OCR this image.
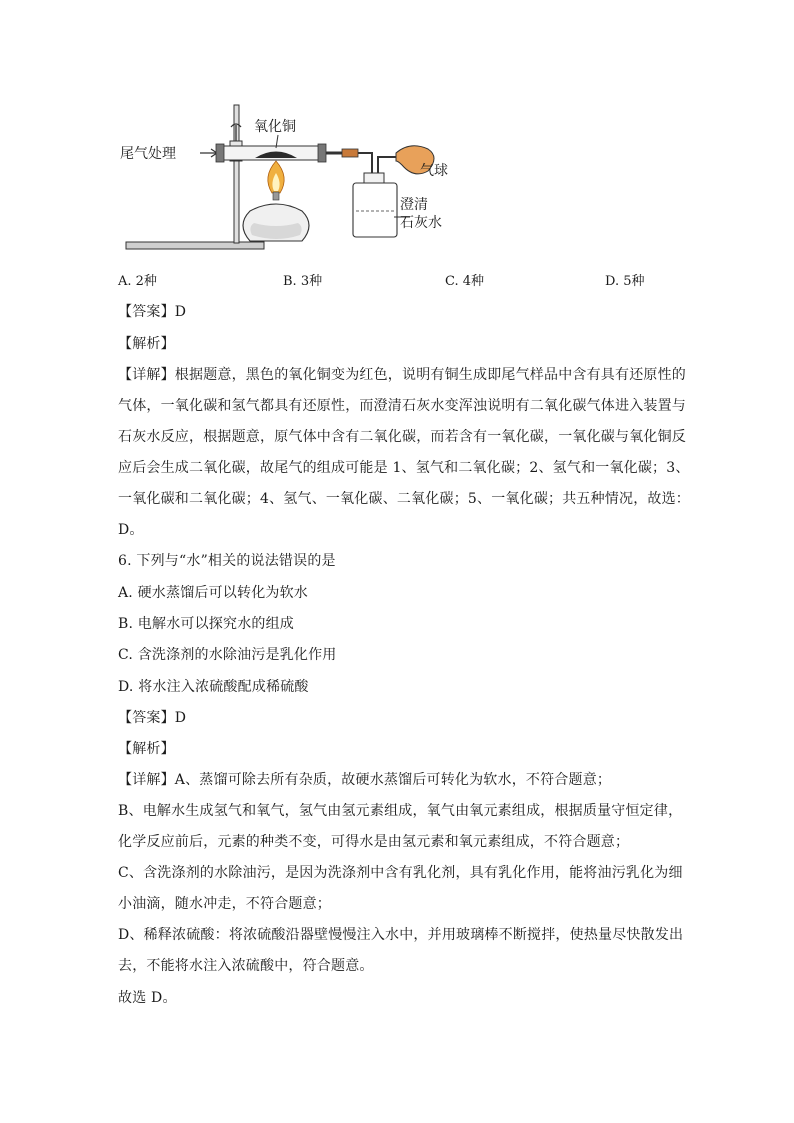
尾气处理
氧化铜
气球
澄清
石灰水
A. 2种	B. 3种	C. 4种	D. 5种
【答案】D
【解析】
【详解】根据题意，黑色的氧化铜变为红色，说明有铜生成即尾气样品中含有具有还原性的
气体，一氧化碳和氢气都具有还原性，而澄清石灰水变浑浊说明有二氧化碳气体进入装置与
石灰水反应，根据题意，原气体中含有二氧化碳，而若含有一氧化碳，一氧化碳与氧化铜反
应后会生成二氧化碳，故尾气的组成可能是 1、氢气和二氧化碳；2、氢气和一氧化碳；3、
一氧化碳和二氧化碳；4、氢气、一氧化碳、二氧化碳；5、一氧化碳；共五种情况，故选：
D。
6. 下列与“水”相关的说法错误的是
A. 硬水蒸馏后可以转化为软水
B. 电解水可以探究水的组成
C. 含洗涤剂的水除油污是乳化作用
D. 将水注入浓硫酸配成稀硫酸
【答案】D
【解析】
【详解】A、蒸馏可除去所有杂质，故硬水蒸馏后可转化为软水，不符合题意；
B、电解水生成氢气和氧气，氢气由氢元素组成，氧气由氧元素组成，根据质量守恒定律，
化学反应前后，元素的种类不变，可得水是由氢元素和氧元素组成，不符合题意；
C、含洗涤剂的水除油污，是因为洗涤剂中含有乳化剂，具有乳化作用，能将油污乳化为细
小油滴，随水冲走，不符合题意；
D、稀释浓硫酸：将浓硫酸沿器壁慢慢注入水中，并用玻璃棒不断搅拌，使热量尽快散发出
去，不能将水注入浓硫酸中，符合题意。
故选 D。
